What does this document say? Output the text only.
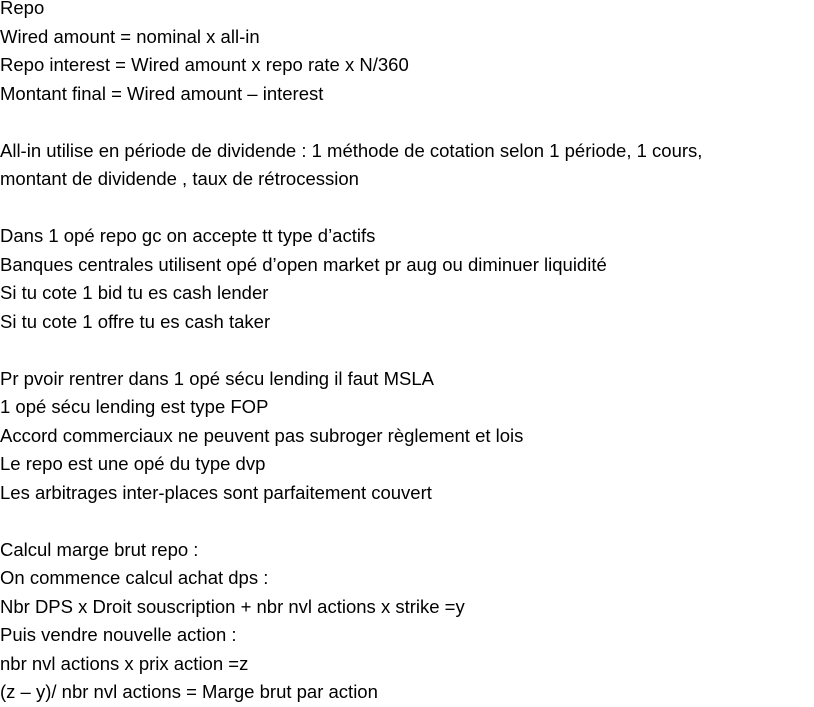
Repo
Wired amount = nominal x all-in
Repo interest = Wired amount x repo rate x N/360
Montant final = Wired amount – interest
All-in utilise en période de dividende : 1 méthode de cotation selon 1 période, 1 cours,
montant de dividende , taux de rétrocession
Dans 1 opé repo gc on accepte tt type d’actifs
Banques centrales utilisent opé d’open market pr aug ou diminuer liquidité
Si tu cote 1 bid tu es cash lender
Si tu cote 1 offre tu es cash taker
Pr pvoir rentrer dans 1 opé sécu lending il faut MSLA
1 opé sécu lending est type FOP
Accord commerciaux ne peuvent pas subroger règlement et lois
Le repo est une opé du type dvp
Les arbitrages inter-places sont parfaitement couvert
Calcul marge brut repo :
On commence calcul achat dps :
Nbr DPS x Droit souscription + nbr nvl actions x strike =y
Puis vendre nouvelle action :
nbr nvl actions x prix action =z
(z – y)/ nbr nvl actions = Marge brut par action
